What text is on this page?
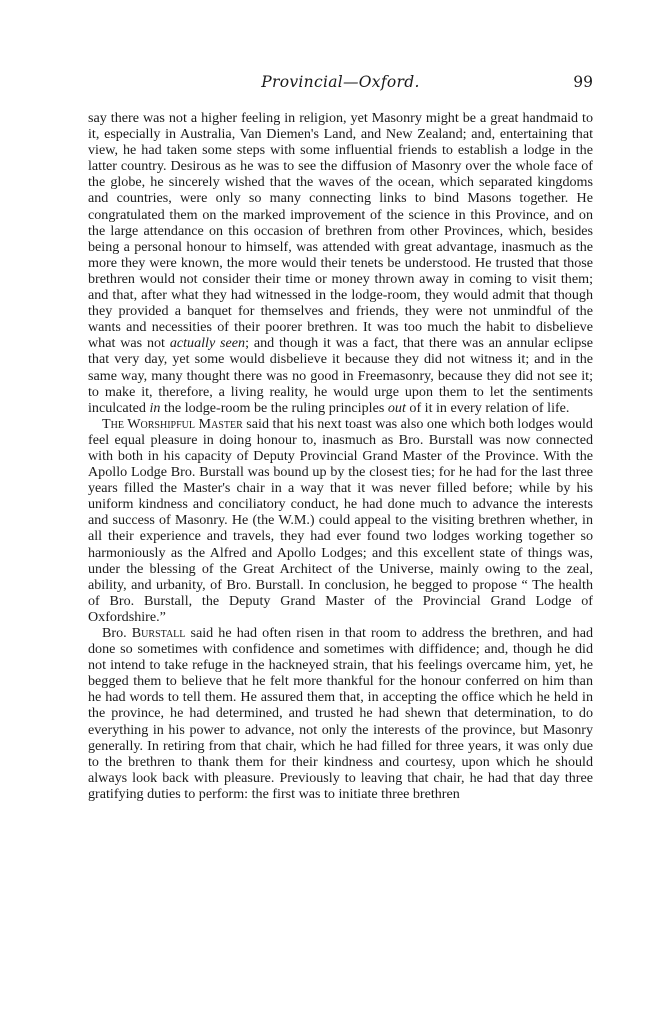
Provincial—Oxford.	99

say there was not a higher feeling in religion, yet Masonry might be a great handmaid to it, especially in Australia, Van Diemen's Land, and New Zealand; and, entertaining that view, he had taken some steps with some influential friends to establish a lodge in the latter country. Desirous as he was to see the diffusion of Masonry over the whole face of the globe, he sincerely wished that the waves of the ocean, which separated kingdoms and countries, were only so many connecting links to bind Masons together. He congratulated them on the marked improvement of the science in this Province, and on the large attendance on this occasion of brethren from other Provinces, which, besides being a personal honour to himself, was attended with great advantage, inasmuch as the more they were known, the more would their tenets be understood. He trusted that those brethren would not consider their time or money thrown away in coming to visit them; and that, after what they had witnessed in the lodge-room, they would admit that though they provided a banquet for themselves and friends, they were not unmindful of the wants and necessities of their poorer brethren. It was too much the habit to disbelieve what was not actually seen; and though it was a fact, that there was an annular eclipse that very day, yet some would disbelieve it because they did not witness it; and in the same way, many thought there was no good in Freemasonry, because they did not see it; to make it, therefore, a living reality, he would urge upon them to let the sentiments inculcated in the lodge-room be the ruling principles out of it in every relation of life.

The Worshipful Master said that his next toast was also one which both lodges would feel equal pleasure in doing honour to, inasmuch as Bro. Burstall was now connected with both in his capacity of Deputy Provincial Grand Master of the Province. With the Apollo Lodge Bro. Burstall was bound up by the closest ties; for he had for the last three years filled the Master's chair in a way that it was never filled before; while by his uniform kindness and conciliatory conduct, he had done much to advance the interests and success of Masonry. He (the W.M.) could appeal to the visiting brethren whether, in all their experience and travels, they had ever found two lodges working together so harmoniously as the Alfred and Apollo Lodges; and this excellent state of things was, under the blessing of the Great Architect of the Universe, mainly owing to the zeal, ability, and urbanity, of Bro. Burstall. In conclusion, he begged to propose “ The health of Bro. Burstall, the Deputy Grand Master of the Provincial Grand Lodge of Oxfordshire.”

Bro. Burstall said he had often risen in that room to address the brethren, and had done so sometimes with confidence and sometimes with diffidence; and, though he did not intend to take refuge in the hackneyed strain, that his feelings overcame him, yet, he begged them to believe that he felt more thankful for the honour conferred on him than he had words to tell them. He assured them that, in accepting the office which he held in the province, he had determined, and trusted he had shewn that determination, to do everything in his power to advance, not only the interests of the province, but Masonry generally. In retiring from that chair, which he had filled for three years, it was only due to the brethren to thank them for their kindness and courtesy, upon which he should always look back with pleasure. Previously to leaving that chair, he had that day three gratifying duties to perform: the first was to initiate three brethren
